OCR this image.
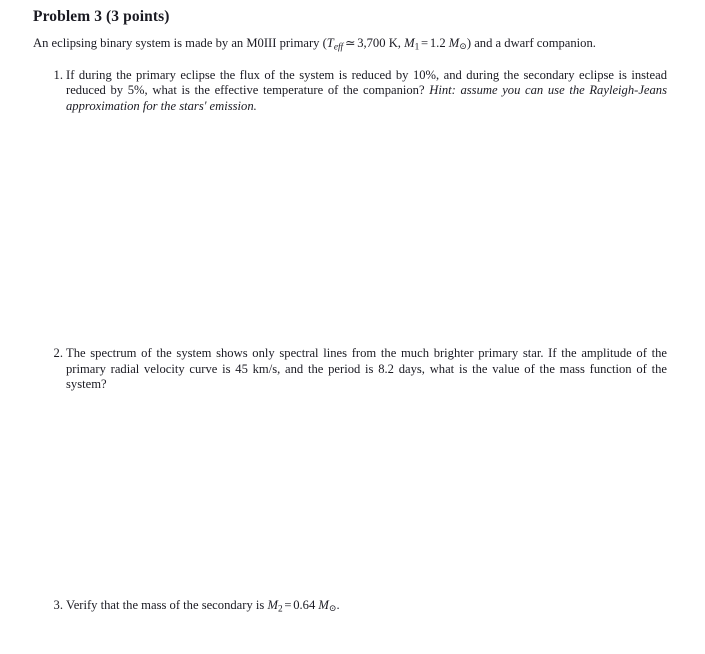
Problem 3 (3 points)

An eclipsing binary system is made by an M0III primary (Teff ≃ 3,700 K, M1 = 1.2 M⊙) and a dwarf companion.

1. If during the primary eclipse the flux of the system is reduced by 10%, and during the secondary eclipse is instead reduced by 5%, what is the effective temperature of the companion? Hint: assume you can use the Rayleigh-Jeans approximation for the stars' emission.
2. The spectrum of the system shows only spectral lines from the much brighter primary star. If the amplitude of the primary radial velocity curve is 45 km/s, and the period is 8.2 days, what is the value of the mass function of the system?
3. Verify that the mass of the secondary is M2 = 0.64 M⊙.
